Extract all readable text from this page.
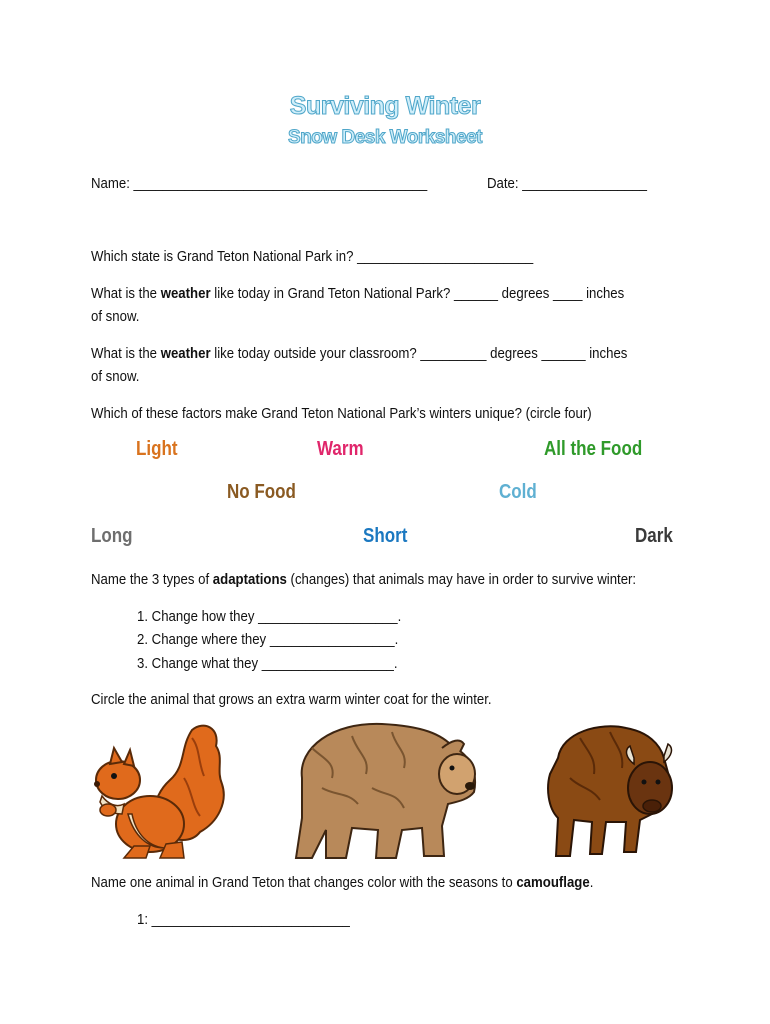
Surviving Winter
Snow Desk Worksheet
Name: ________________________________________	Date: _________________
Which state is Grand Teton National Park in? ________________________
What is the weather like today in Grand Teton National Park? ______ degrees ____ inches
of snow.
What is the weather like today outside your classroom? _________ degrees ______ inches
of snow.
Which of these factors make Grand Teton National Park’s winters unique? (circle four)
Light	Warm	All the Food
No Food	Cold
Long	Short	Dark
Name the 3 types of adaptations (changes) that animals may have in order to survive winter:
1. Change how they ___________________.
2. Change where they _________________.
3. Change what they __________________.
Circle the animal that grows an extra warm winter coat for the winter.
Name one animal in Grand Teton that changes color with the seasons to camouflage.
1: ___________________________
